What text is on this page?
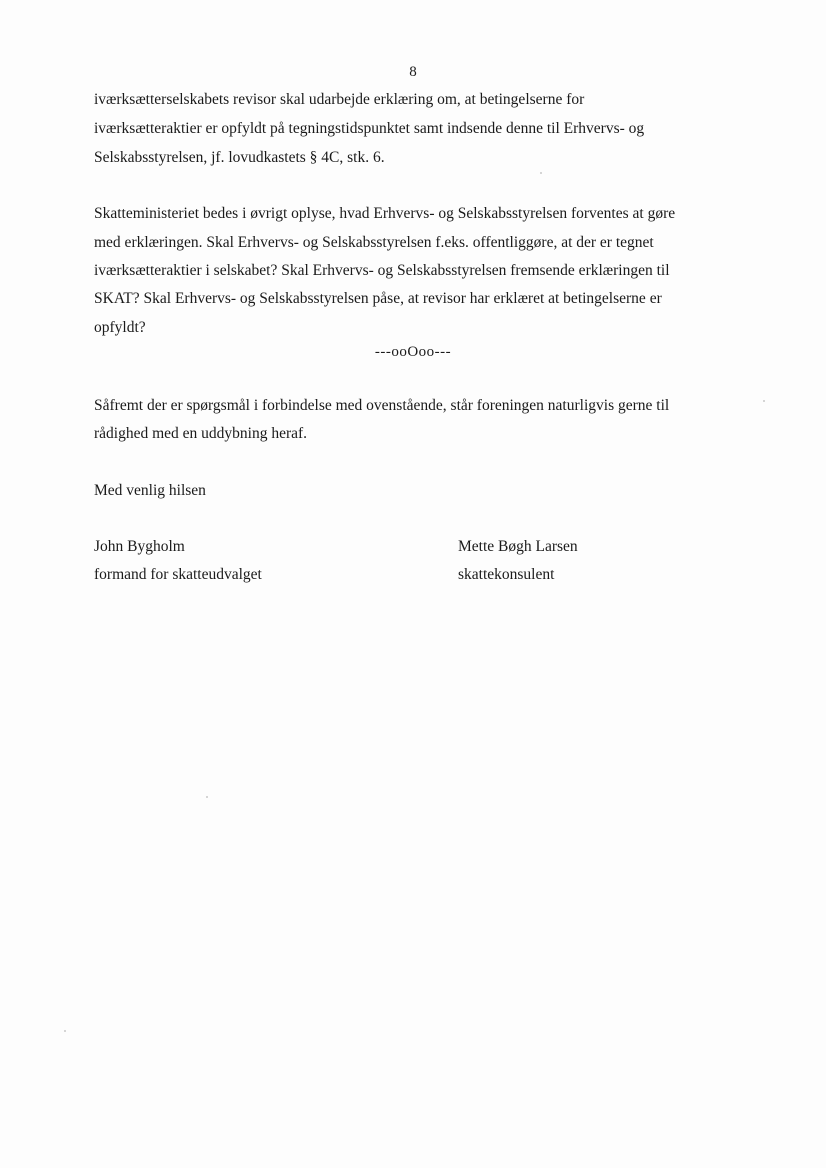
8
iværksætterselskabets revisor skal udarbejde erklæring om, at betingelserne for
iværksætteraktier er opfyldt på tegningstidspunktet samt indsende denne til Erhvervs- og
Selskabsstyrelsen, jf. lovudkastets § 4C, stk. 6.
Skatteministeriet bedes i øvrigt oplyse, hvad Erhvervs- og Selskabsstyrelsen forventes at gøre
med erklæringen. Skal Erhvervs- og Selskabsstyrelsen f.eks. offentliggøre, at der er tegnet
iværksætteraktier i selskabet? Skal Erhvervs- og Selskabsstyrelsen fremsende erklæringen til
SKAT? Skal Erhvervs- og Selskabsstyrelsen påse, at revisor har erklæret at betingelserne er
opfyldt?
---ooOoo---
Såfremt der er spørgsmål i forbindelse med ovenstående, står foreningen naturligvis gerne til
rådighed med en uddybning heraf.
Med venlig hilsen
John Bygholm
formand for skatteudvalget
Mette Bøgh Larsen
skattekonsulent
